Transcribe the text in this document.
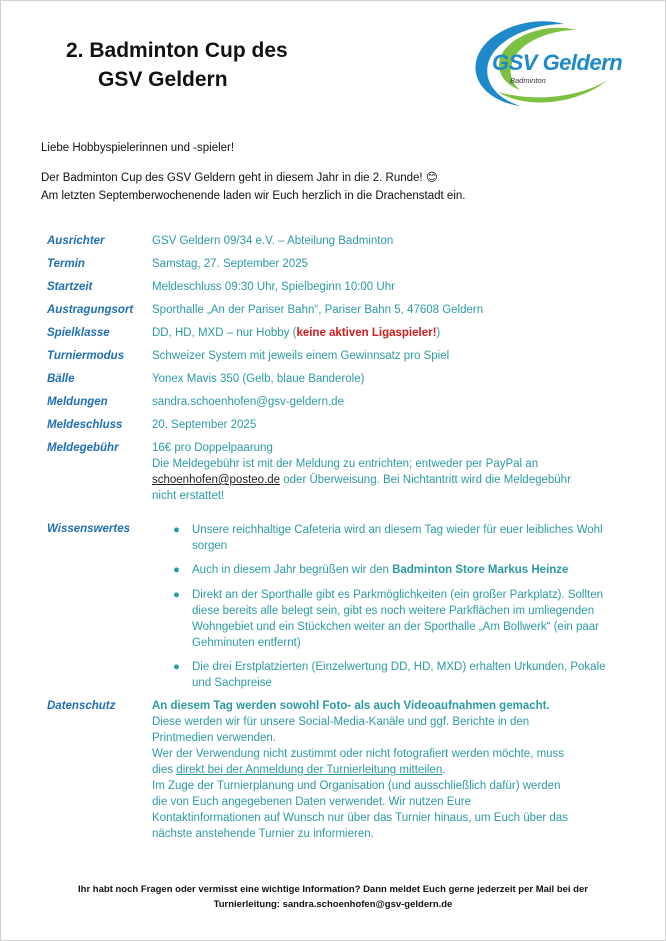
2. Badminton Cup des
GSV Geldern
GSV Geldern
Badminton
Liebe Hobbyspielerinnen und -spieler!
Der Badminton Cup des GSV Geldern geht in diesem Jahr in die 2. Runde! 😊
Am letzten Septemberwochenende laden wir Euch herzlich in die Drachenstadt ein.
Ausrichter	GSV Geldern 09/34 e.V. – Abteilung Badminton
Termin	Samstag, 27. September 2025
Startzeit	Meldeschluss 09:30 Uhr, Spielbeginn 10:00 Uhr
Austragungsort Sporthalle „An der Pariser Bahn“, Pariser Bahn 5, 47608 Geldern
Spielklasse	DD, HD, MXD – nur Hobby (keine aktiven Ligaspieler!)
Turniermodus Schweizer System mit jeweils einem Gewinnsatz pro Spiel
Bälle	Yonex Mavis 350 (Gelb, blaue Banderole)
Meldungen	sandra.schoenhofen@gsv-geldern.de
Meldeschluss	20. September 2025
Meldegebühr	16€ pro Doppelpaarung
Die Meldegebühr ist mit der Meldung zu entrichten; entweder per PayPal an
schoenhofen@posteo.de oder Überweisung. Bei Nichtantritt wird die Meldegebühr
nicht erstattet!
Wissenswertes	● Unsere reichhaltige Cafeteria wird an diesem Tag wieder für euer leibliches Wohl sorgen
● Auch in diesem Jahr begrüßen wir den Badminton Store Markus Heinze
● Direkt an der Sporthalle gibt es Parkmöglichkeiten (ein großer Parkplatz). Sollten diese bereits alle belegt sein, gibt es noch weitere Parkflächen im umliegenden Wohngebiet und ein Stückchen weiter an der Sporthalle „Am Bollwerk“ (ein paar Gehminuten entfernt)
● Die drei Erstplatzierten (Einzelwertung DD, HD, MXD) erhalten Urkunden, Pokale und Sachpreise
Datenschutz	An diesem Tag werden sowohl Foto- als auch Videoaufnahmen gemacht.
Diese werden wir für unsere Social-Media-Kanäle und ggf. Berichte in den
Printmedien verwenden.
Wer der Verwendung nicht zustimmt oder nicht fotografiert werden möchte, muss
dies direkt bei der Anmeldung der Turnierleitung mitteilen.
Im Zuge der Turnierplanung und Organisation (und ausschließlich dafür) werden
die von Euch angegebenen Daten verwendet. Wir nutzen Eure
Kontaktinformationen auf Wunsch nur über das Turnier hinaus, um Euch über das
nächste anstehende Turnier zu informieren.
Ihr habt noch Fragen oder vermisst eine wichtige Information? Dann meldet Euch gerne jederzeit per Mail bei der
Turnierleitung: sandra.schoenhofen@gsv-geldern.de
